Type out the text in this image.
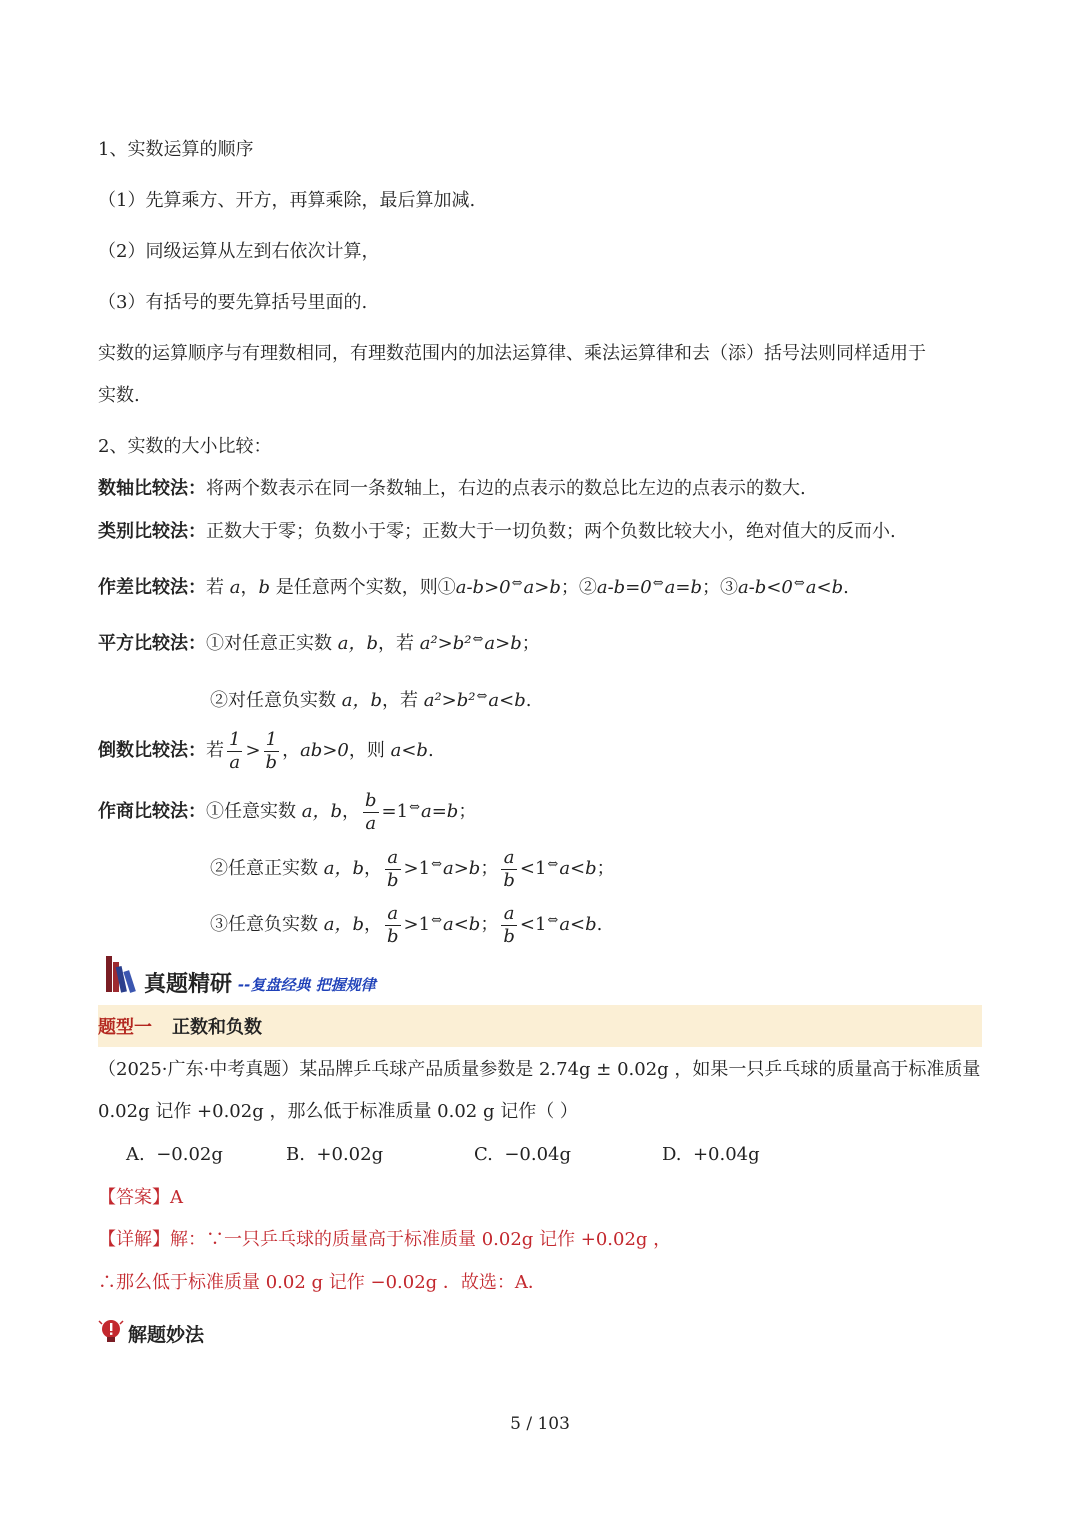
1、实数运算的顺序
（1）先算乘方、开方，再算乘除，最后算加减.
（2）同级运算从左到右依次计算，
（3）有括号的要先算括号里面的.
实数的运算顺序与有理数相同，有理数范围内的加法运算律、乘法运算律和去（添）括号法则同样适用于
实数.
2、实数的大小比较：
数轴比较法：将两个数表示在同一条数轴上，右边的点表示的数总比左边的点表示的数大.
类别比较法：正数大于零；负数小于零；正数大于一切负数；两个负数比较大小，绝对值大的反而小.
作差比较法：若 a，b 是任意两个实数，则①a-b>0⇔a>b；②a-b=0⇔a=b；③a-b<0⇔a<b.
平方比较法：①对任意正实数 a，b，若 a²>b²⇔a>b；
②对任意负实数 a，b，若 a²>b²⇔a<b.
倒数比较法：若 $\frac{1}{a} > \frac{1}{b}$ ，ab>0，则 a<b.
作商比较法：①任意实数 a，b， $\frac{b}{a} =1^\Leftrightarrow a=b$；
②任意正实数 a，b， $\frac{a}{b} >1^\Leftrightarrow a>b$； $\frac{a}{b} <1^\Leftrightarrow a<b$；
③任意负实数 a，b， $\frac{a}{b} >1^\Leftrightarrow a<b$； $\frac{a}{b} <1^\Leftrightarrow a<b$.
真题精研 --复盘经典 把握规律
题型一 正数和负数
（2025·广东·中考真题）某品牌乒乓球产品质量参数是 2.74g ± 0.02g ，如果一只乒乓球的质量高于标准质量
0.02g 记作 +0.02g ，那么低于标准质量 0.02 g 记作（ ）
A. −0.02g	B. +0.02g	C. −0.04g	D. +0.04g
【答案】A
【详解】解：∵一只乒乓球的质量高于标准质量 0.02g 记作 +0.02g ，
∴那么低于标准质量 0.02 g 记作 −0.02g ．故选：A．
解题妙法
5 / 103
